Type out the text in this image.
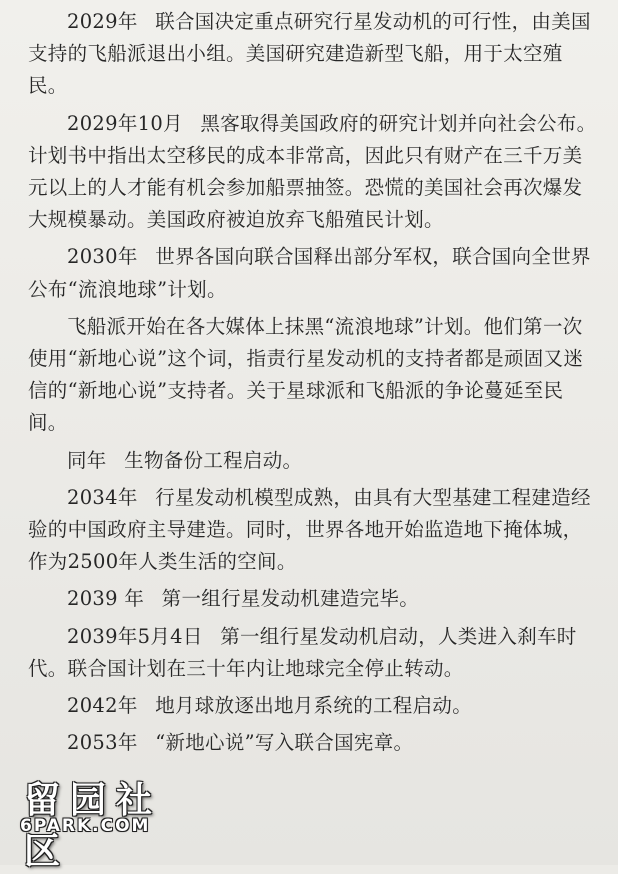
2029年 联合国决定重点研究行星发动机的可行性，由美国支持的飞船派退出小组。美国研究建造新型飞船，用于太空殖民。

2029年10月 黑客取得美国政府的研究计划并向社会公布。计划书中指出太空移民的成本非常高，因此只有财产在三千万美元以上的人才能有机会参加船票抽签。恐慌的美国社会再次爆发大规模暴动。美国政府被迫放弃飞船殖民计划。

2030年 世界各国向联合国释出部分军权，联合国向全世界公布“流浪地球”计划。

飞船派开始在各大媒体上抹黑“流浪地球”计划。他们第一次使用“新地心说”这个词，指责行星发动机的支持者都是顽固又迷信的“新地心说”支持者。关于星球派和飞船派的争论蔓延至民间。

同年 生物备份工程启动。

2034年 行星发动机模型成熟，由具有大型基建工程建造经验的中国政府主导建造。同时，世界各地开始监造地下掩体城，作为2500年人类生活的空间。

2039 年 第一组行星发动机建造完毕。

2039年5月4日 第一组行星发动机启动，人类进入刹车时代。联合国计划在三十年内让地球完全停止转动。

2042年 地月球放逐出地月系统的工程启动。

2053年 “新地心说”写入联合国宪章。

留园社区
6PARK.COM
